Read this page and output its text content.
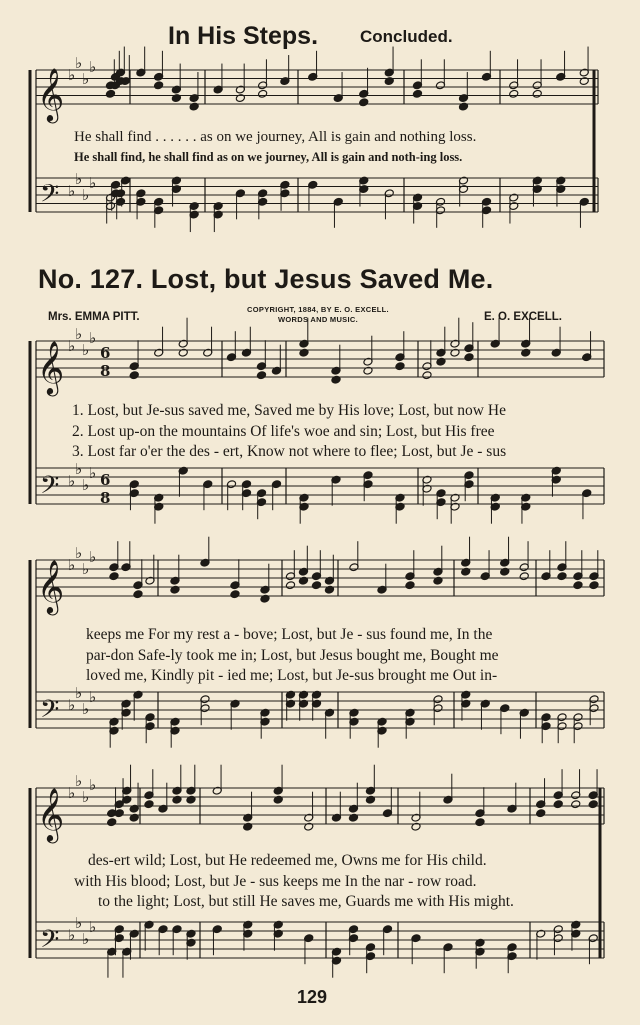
𝄞
𝄢
♭
♭
♭
♭
♭
♭
♭
♭
𝄞
𝄢
♭
♭
♭
♭
♭
♭
♭
♭
6
8
6
8
𝄞
𝄢
♭
♭
♭
♭
♭
♭
♭
♭
𝄞
𝄢
♭
♭
♭
♭
♭
♭
♭
♭
In His Steps. Concluded.
He shall find . . . . . . as on we journey, All is gain and nothing loss.
He shall find, he shall find as on we journey, All is gain and noth-ing loss.
No. 127. Lost, but Jesus Saved Me.
Mrs. EMMA PITT.
COPYRIGHT, 1884, BY E. O. EXCELL.
WORDS AND MUSIC.	E. O. EXCELL.
1. Lost, but Je-sus saved me, Saved me by His love; Lost, but now He
2. Lost up-on the mountains Of life's woe and sin; Lost, but His free
3. Lost far o'er the des - ert, Know not where to flee; Lost, but Je - sus
keeps me For my rest a - bove; Lost, but Je - sus found me, In the
par-don Safe-ly took me in; Lost, but Jesus bought me, Bought me
loved me, Kindly pit - ied me; Lost, but Je-sus brought me Out in-
des-ert wild; Lost, but He redeemed me, Owns me for His child.
with His blood; Lost, but Je - sus keeps me In the nar - row road.
to the light; Lost, but still He saves me, Guards me with His might.
129
